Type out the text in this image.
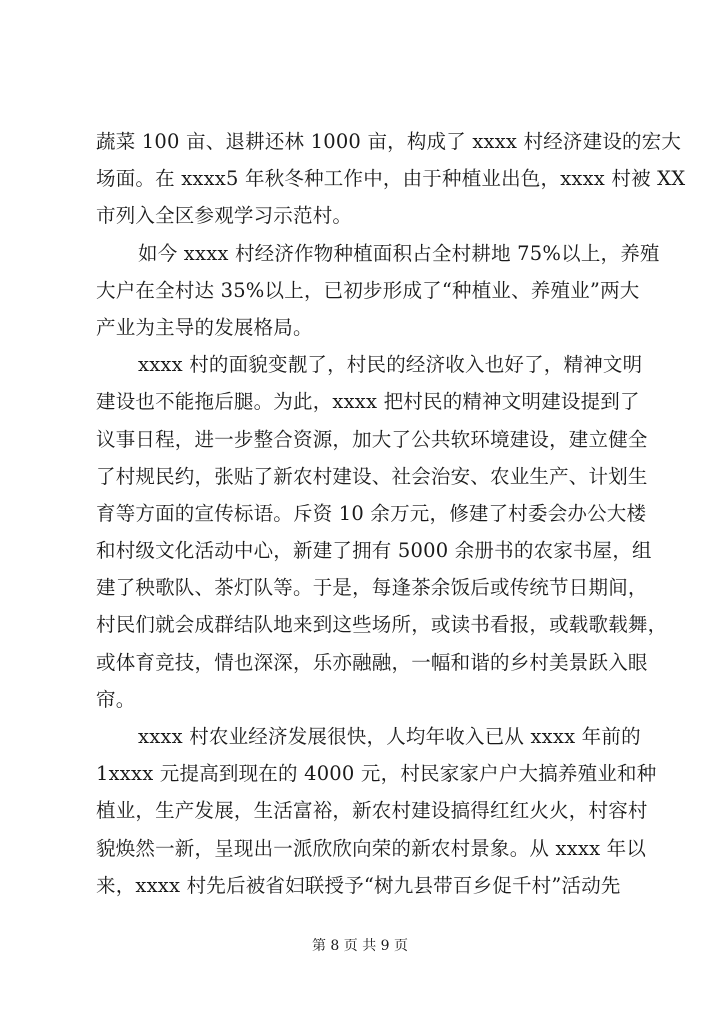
蔬菜 100 亩、退耕还林 1000 亩，构成了 xxxx 村经济建设的宏大
场面。在 xxxx5 年秋冬种工作中，由于种植业出色，xxxx 村被 XX
市列入全区参观学习示范村。
如今 xxxx 村经济作物种植面积占全村耕地 75%以上，养殖
大户在全村达 35%以上，已初步形成了“种植业、养殖业”两大
产业为主导的发展格局。
xxxx 村的面貌变靓了，村民的经济收入也好了，精神文明
建设也不能拖后腿。为此，xxxx 把村民的精神文明建设提到了
议事日程，进一步整合资源，加大了公共软环境建设，建立健全
了村规民约，张贴了新农村建设、社会治安、农业生产、计划生
育等方面的宣传标语。斥资 10 余万元，修建了村委会办公大楼
和村级文化活动中心，新建了拥有 5000 余册书的农家书屋，组
建了秧歌队、茶灯队等。于是，每逢茶余饭后或传统节日期间，
村民们就会成群结队地来到这些场所，或读书看报，或载歌载舞，
或体育竞技，情也深深，乐亦融融，一幅和谐的乡村美景跃入眼
帘。
xxxx 村农业经济发展很快，人均年收入已从 xxxx 年前的
1xxxx 元提高到现在的 4000 元，村民家家户户大搞养殖业和种
植业，生产发展，生活富裕，新农村建设搞得红红火火，村容村
貌焕然一新，呈现出一派欣欣向荣的新农村景象。从 xxxx 年以
来，xxxx 村先后被省妇联授予“树九县带百乡促千村”活动先
第 8 页 共 9 页
